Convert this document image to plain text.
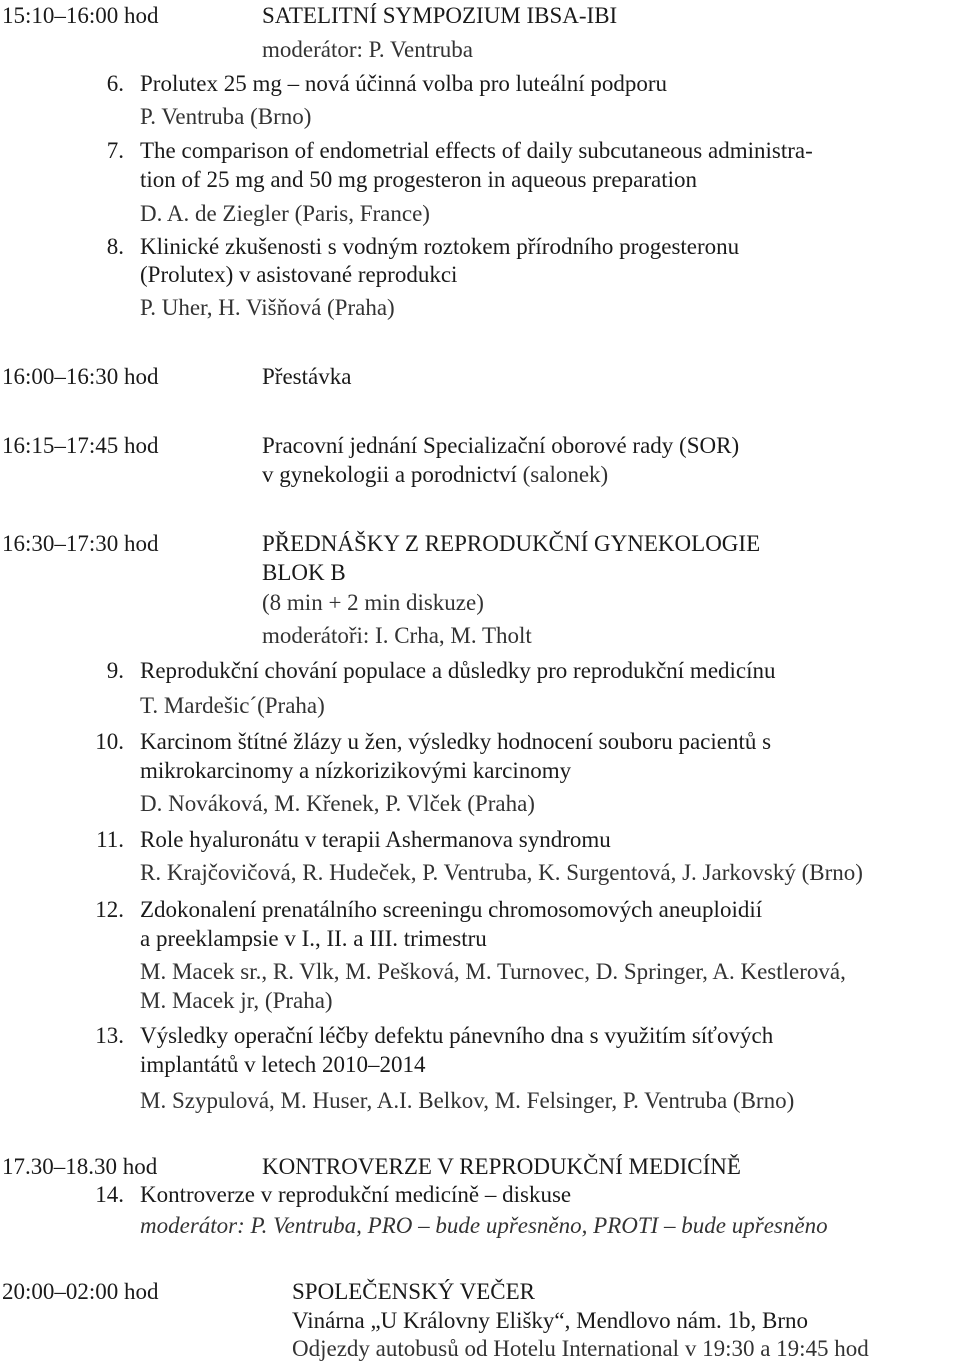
15:10–16:00 hod	SATELITNÍ SYMPOZIUM IBSA-IBI
moderátor: P. Ventruba
6. Prolutex 25 mg – nová účinná volba pro luteální podporu
P. Ventruba (Brno)
7. The comparison of endometrial effects of daily subcutaneous administra-
tion of 25 mg and 50 mg progesteron in aqueous preparation
D. A. de Ziegler (Paris, France)
8. Klinické zkušenosti s vodným roztokem přírodního progesteronu
(Prolutex) v asistované reprodukci
P. Uher, H. Višňová (Praha)
16:00–16:30 hod	Přestávka
16:15–17:45 hod	Pracovní jednání Specializační oborové rady (SOR)
v gynekologii a porodnictví (salonek)
16:30–17:30 hod	PŘEDNÁŠKY Z REPRODUKČNÍ GYNEKOLOGIE
BLOK B
(8 min + 2 min diskuze)
moderátoři: I. Crha, M. Tholt
9. Reprodukční chování populace a důsledky pro reprodukční medicínu
T. Mardešic´(Praha)
10. Karcinom štítné žlázy u žen, výsledky hodnocení souboru pacientů s
mikrokarcinomy a nízkorizikovými karcinomy
D. Nováková, M. Křenek, P. Vlček (Praha)
11. Role hyaluronátu v terapii Ashermanova syndromu
R. Krajčovičová, R. Hudeček, P. Ventruba, K. Surgentová, J. Jarkovský (Brno)
12. Zdokonalení prenatálního screeningu chromosomových aneuploidií
a preeklampsie v I., II. a III. trimestru
M. Macek sr., R. Vlk, M. Pešková, M. Turnovec, D. Springer, A. Kestlerová,
M. Macek jr, (Praha)
13. Výsledky operační léčby defektu pánevního dna s využitím síťových
implantátů v letech 2010–2014
M. Szypulová, M. Huser, A.I. Belkov, M. Felsinger, P. Ventruba (Brno)
17.30–18.30 hod	KONTROVERZE V REPRODUKČNÍ MEDICÍNĚ
14. Kontroverze v reprodukční medicíně – diskuse
moderátor: P. Ventruba, PRO – bude upřesněno, PROTI – bude upřesněno
20:00–02:00 hod	SPOLEČENSKÝ VEČER
Vinárna „U Královny Elišky“, Mendlovo nám. 1b, Brno
Odjezdy autobusů od Hotelu International v 19:30 a 19:45 hod
